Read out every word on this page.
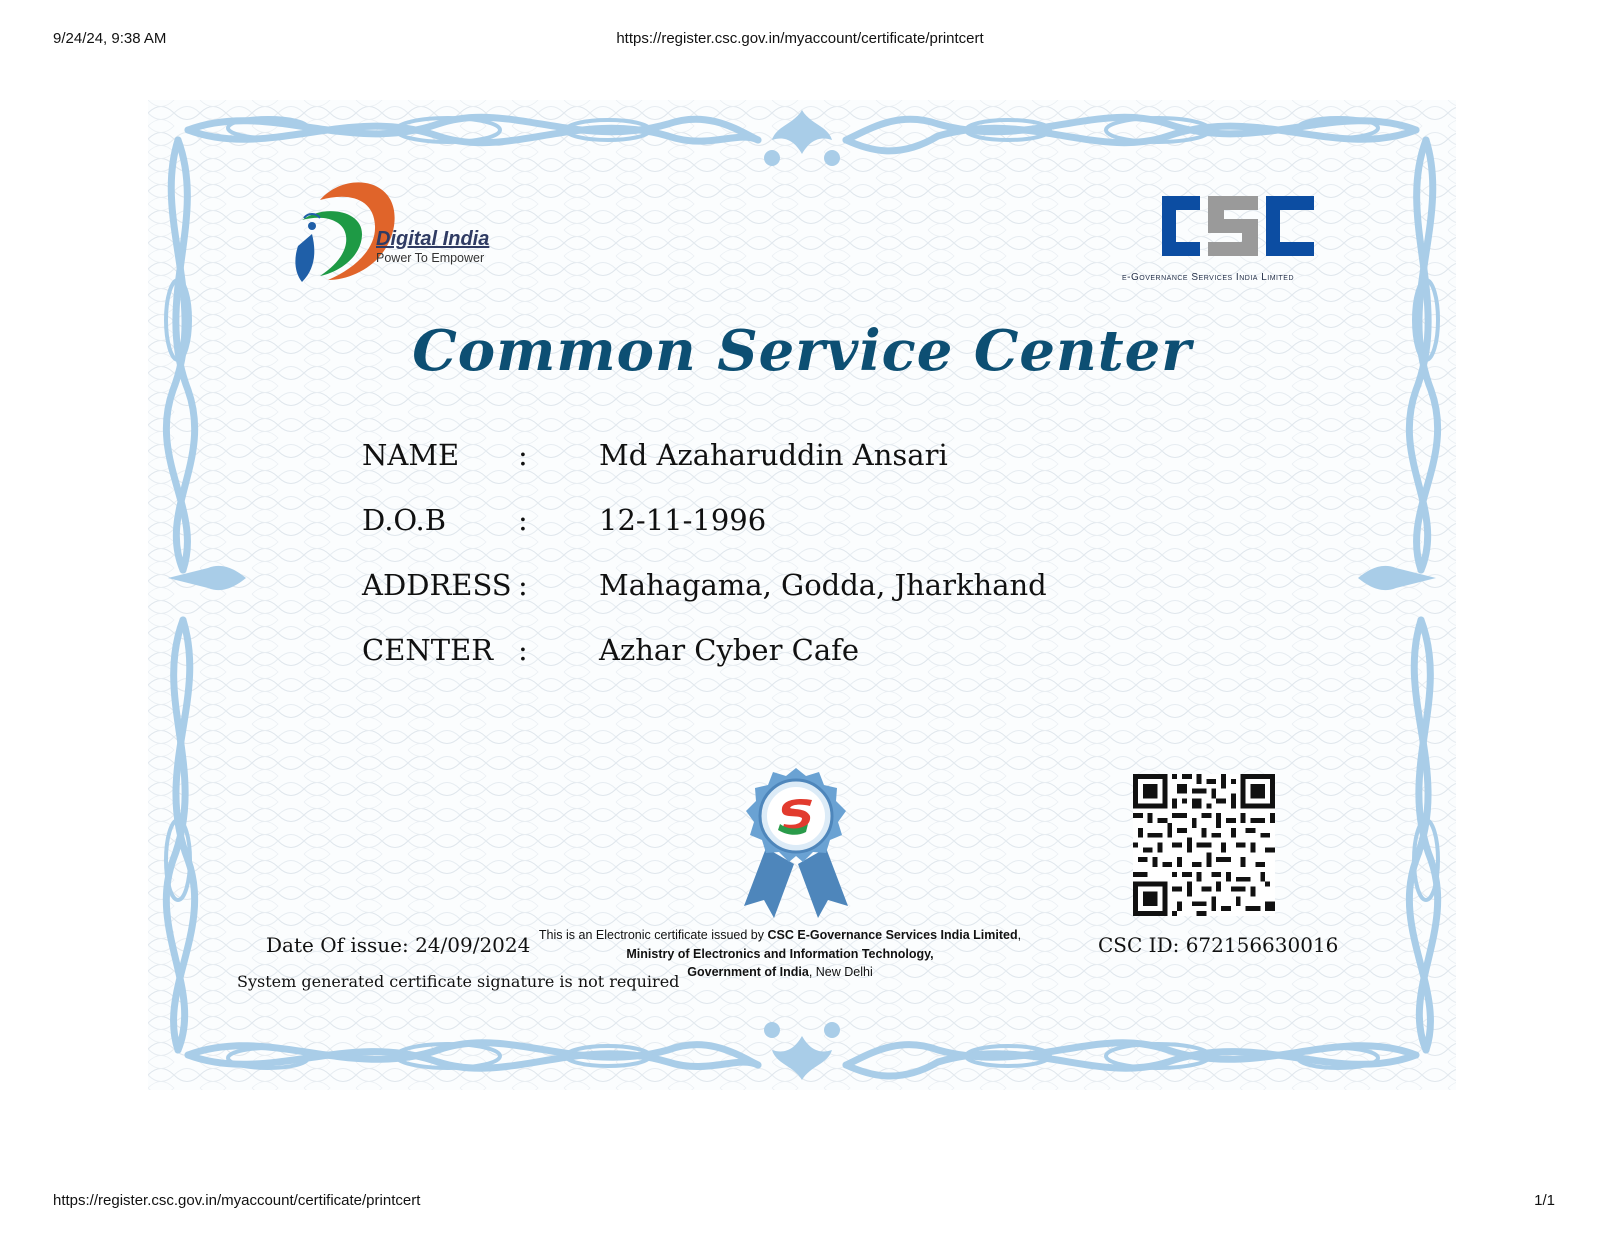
9/24/24, 9:38 AM	https://register.csc.gov.in/myaccount/certificate/printcert
Digital India
Power To Empower
e-Governance Services India Limited
Common Service Center
NAME : Md Azaharuddin Ansari
D.O.B : 12-11-1996
ADDRESS : Mahagama, Godda, Jharkhand
CENTER : Azhar Cyber Cafe
Date Of issue: 24/09/2024
System generated certificate signature is not required
This is an Electronic certificate issued by CSC E-Governance Services India Limited,
Ministry of Electronics and Information Technology,
Government of India, New Delhi
CSC ID: 672156630016
https://register.csc.gov.in/myaccount/certificate/printcert	1/1
